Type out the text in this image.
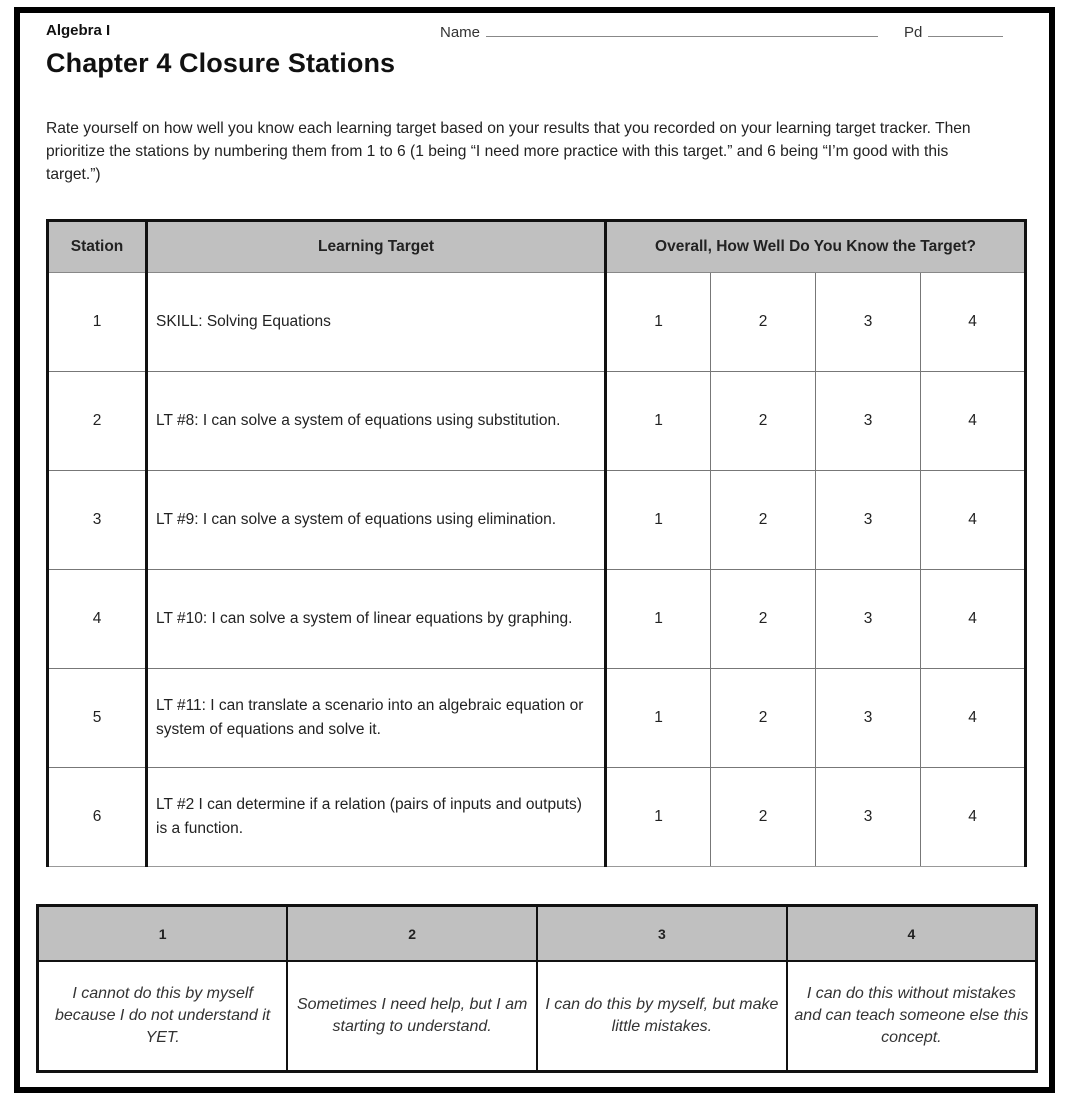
Algebra I	Name	Pd
Chapter 4 Closure Stations
Rate yourself on how well you know each learning target based on your results that you recorded on your learning target tracker. Then prioritize the stations by numbering them from 1 to 6 (1 being “I need more practice with this target.” and 6 being “I’m good with this target.”)
Station	Learning Target	Overall, How Well Do You Know the Target?			
1	SKILL: Solving Equations	1	2	3	4
2	LT #8: I can solve a system of equations using substitution.	1	2	3	4
3	LT #9: I can solve a system of equations using elimination.	1	2	3	4
4	LT #10: I can solve a system of linear equations by graphing.	1	2	3	4
5	LT #11: I can translate a scenario into an algebraic equation or system of equations and solve it.	1	2	3	4
6	LT #2 I can determine if a relation (pairs of inputs and outputs) is a function.	1	2	3	4
1	2	3	4
I cannot do this by myself because I do not understand it YET.	Sometimes I need help, but I am starting to understand.	I can do this by myself, but make little mistakes.	I can do this without mistakes and can teach someone else this concept.
